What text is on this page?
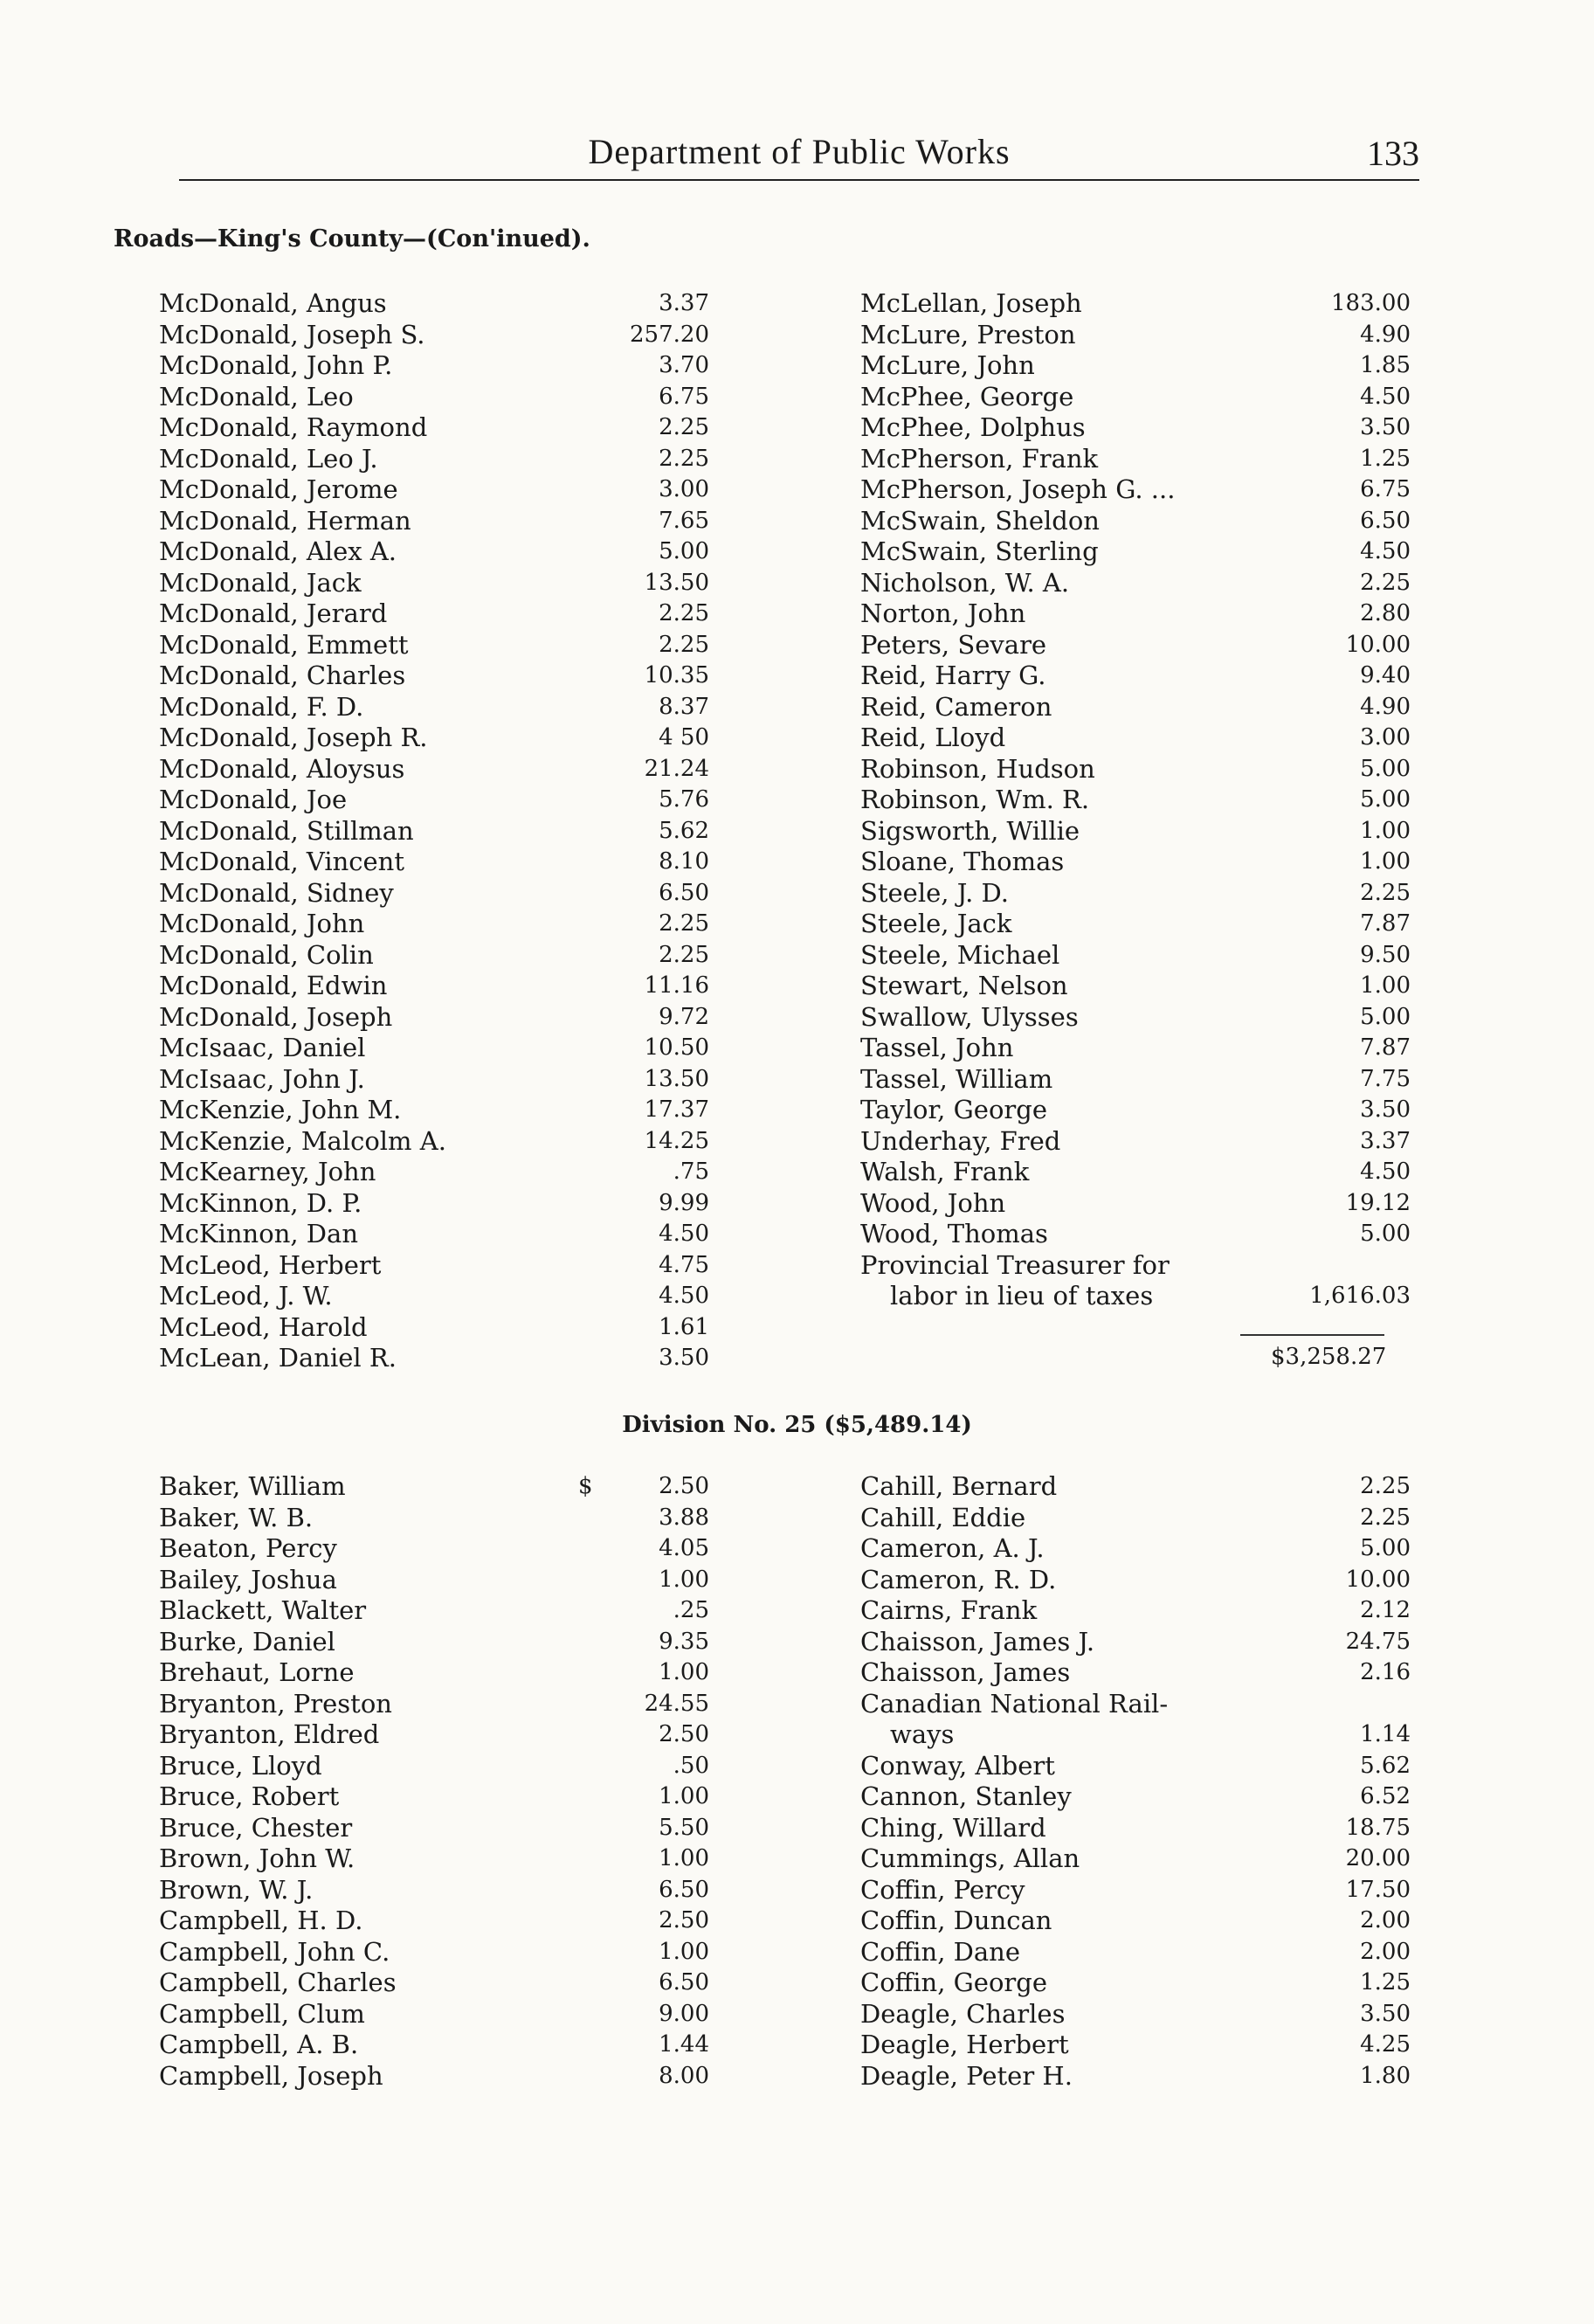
Department of Public Works	133
Roads—King's County—(Con'inued).
McDonald, Angus	3.37
McDonald, Joseph S.	257.20
McDonald, John P.	3.70
McDonald, Leo	6.75
McDonald, Raymond	2.25
McDonald, Leo J.	2.25
McDonald, Jerome	3.00
McDonald, Herman	7.65
McDonald, Alex A.	5.00
McDonald, Jack	13.50
McDonald, Jerard	2.25
McDonald, Emmett	2.25
McDonald, Charles	10.35
McDonald, F. D.	8.37
McDonald, Joseph R.	4 50
McDonald, Aloysus	21.24
McDonald, Joe	5.76
McDonald, Stillman	5.62
McDonald, Vincent	8.10
McDonald, Sidney	6.50
McDonald, John	2.25
McDonald, Colin	2.25
McDonald, Edwin	11.16
McDonald, Joseph	9.72
McIsaac, Daniel	10.50
McIsaac, John J.	13.50
McKenzie, John M.	17.37
McKenzie, Malcolm A.	14.25
McKearney, John	.75
McKinnon, D. P.	9.99
McKinnon, Dan	4.50
McLeod, Herbert	4.75
McLeod, J. W.	4.50
McLeod, Harold	1.61
McLean, Daniel R.	3.50
McLellan, Joseph	183.00
McLure, Preston	4.90
McLure, John	1.85
McPhee, George	4.50
McPhee, Dolphus	3.50
McPherson, Frank	1.25
McPherson, Joseph G. ...	6.75
McSwain, Sheldon	6.50
McSwain, Sterling	4.50
Nicholson, W. A.	2.25
Norton, John	2.80
Peters, Sevare	10.00
Reid, Harry G.	9.40
Reid, Cameron	4.90
Reid, Lloyd	3.00
Robinson, Hudson	5.00
Robinson, Wm. R.	5.00
Sigsworth, Willie	1.00
Sloane, Thomas	1.00
Steele, J. D.	2.25
Steele, Jack	7.87
Steele, Michael	9.50
Stewart, Nelson	1.00
Swallow, Ulysses	5.00
Tassel, John	7.87
Tassel, William	7.75
Taylor, George	3.50
Underhay, Fred	3.37
Walsh, Frank	4.50
Wood, John	19.12
Wood, Thomas	5.00
Provincial Treasurer for
labor in lieu of taxes	1,616.03
$3,258.27
Division No. 25 ($5,489.14)
Baker, William	$	2.50
Baker, W. B.	3.88
Beaton, Percy	4.05
Bailey, Joshua	1.00
Blackett, Walter	.25
Burke, Daniel	9.35
Brehaut, Lorne	1.00
Bryanton, Preston	24.55
Bryanton, Eldred	2.50
Bruce, Lloyd	.50
Bruce, Robert	1.00
Bruce, Chester	5.50
Brown, John W.	1.00
Brown, W. J.	6.50
Campbell, H. D.	2.50
Campbell, John C.	1.00
Campbell, Charles	6.50
Campbell, Clum	9.00
Campbell, A. B.	1.44
Campbell, Joseph	8.00
Cahill, Bernard	2.25
Cahill, Eddie	2.25
Cameron, A. J.	5.00
Cameron, R. D.	10.00
Cairns, Frank	2.12
Chaisson, James J.	24.75
Chaisson, James	2.16
Canadian National Rail-
ways	1.14
Conway, Albert	5.62
Cannon, Stanley	6.52
Ching, Willard	18.75
Cummings, Allan	20.00
Coffin, Percy	17.50
Coffin, Duncan	2.00
Coffin, Dane	2.00
Coffin, George	1.25
Deagle, Charles	3.50
Deagle, Herbert	4.25
Deagle, Peter H.	1.80
